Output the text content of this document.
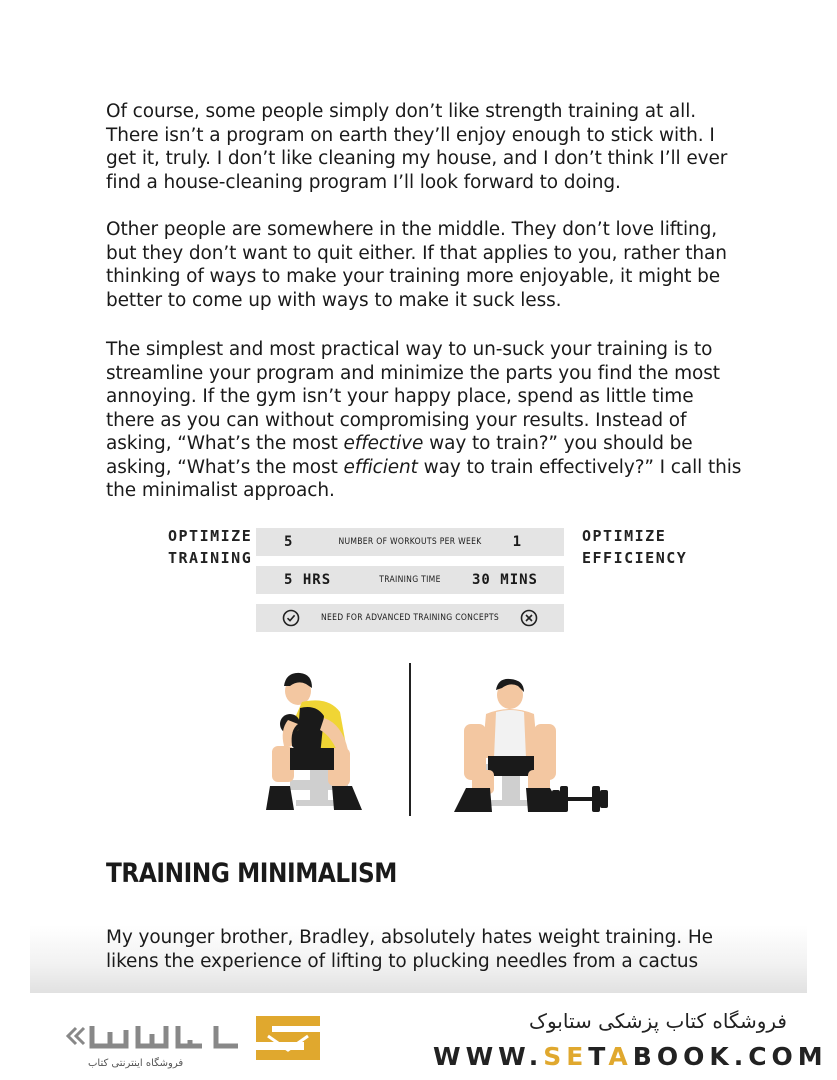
Of course, some people simply don’t like strength training at all. There isn’t a program on earth they’ll enjoy enough to stick with. I get it, truly. I don’t like cleaning my house, and I don’t think I’ll ever find a house-cleaning program I’ll look forward to doing.

Other people are somewhere in the middle. They don’t love lifting, but they don’t want to quit either. If that applies to you, rather than thinking of ways to make your training more enjoyable, it might be better to come up with ways to make it suck less.

The simplest and most practical way to un-suck your training is to streamline your program and minimize the parts you find the most annoying. If the gym isn’t your happy place, spend as little time there as you can without compromising your results. Instead of asking, “What’s the most effective way to train?” you should be asking, “What’s the most efficient way to train effectively?” I call this the minimalist approach.

OPTIMIZE
TRAINING
OPTIMIZE
EFFICIENCY
5	NUMBER OF WORKOUTS PER WEEK	1
5 HRS	TRAINING TIME	30 MINS
NEED FOR ADVANCED TRAINING CONCEPTS
TRAINING MINIMALISM

My younger brother, Bradley, absolutely hates weight training. He likens the experience of lifting to plucking needles from a cactus

فروشگاه اینترنتی کتاب
فروشگاه کتاب پزشکی ستابوک
WWW.SETABOOK.COM
